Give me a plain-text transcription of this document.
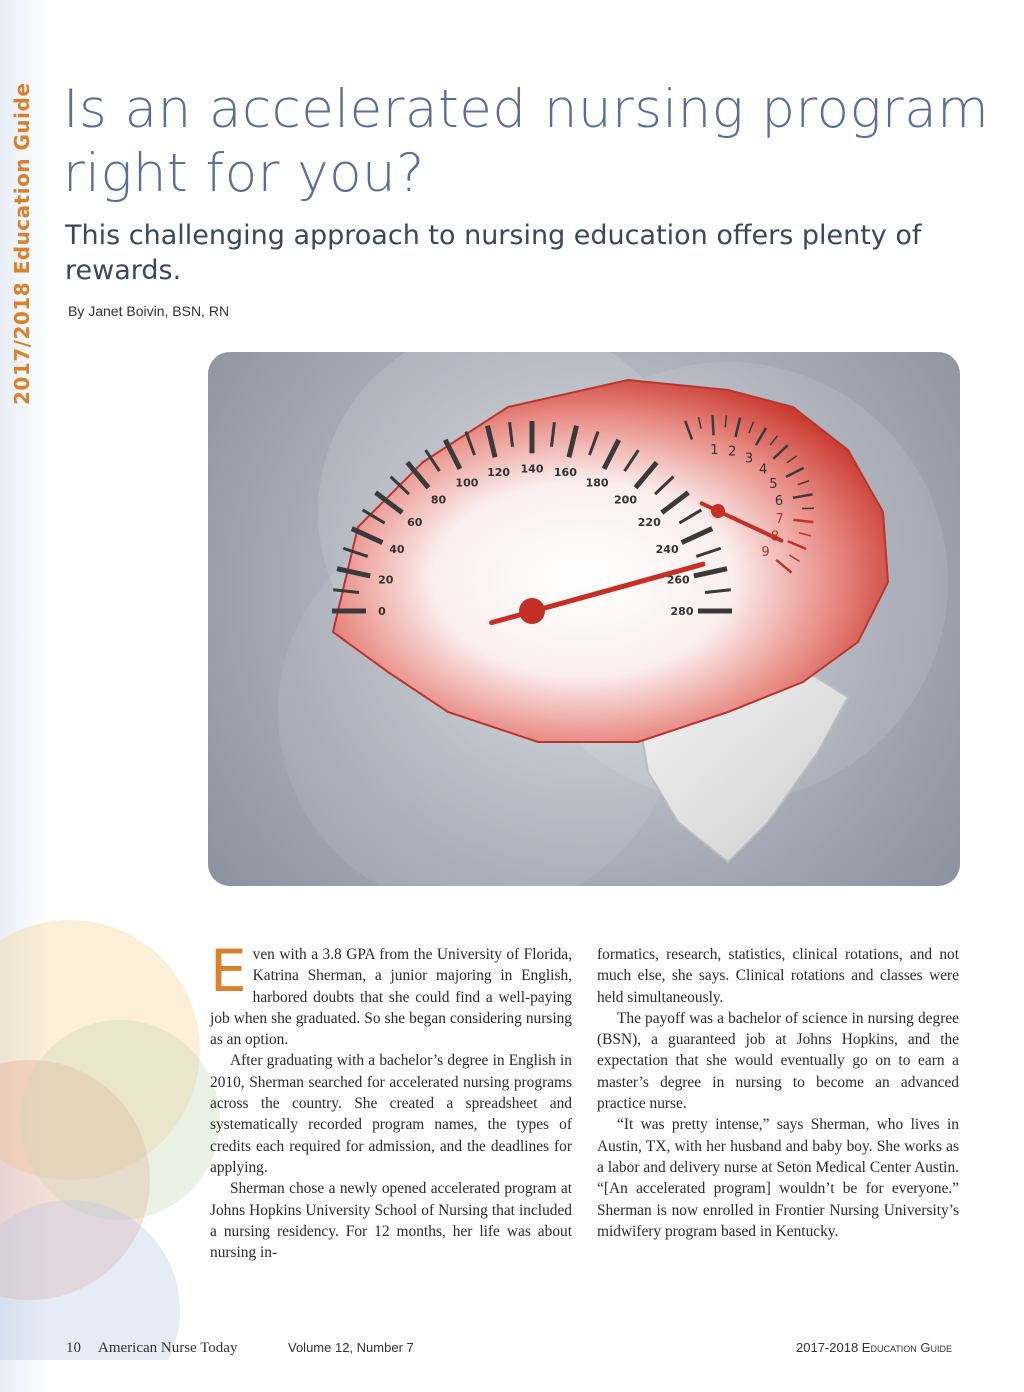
2017/2018 Education Guide Is an accelerated nursing program right for you?

This challenging approach to nursing education offers plenty of rewards.

By Janet Boivin, BSN, RN
0
20
40
60
80
100
120 140 160
180
200
220
240
260
280
1 2 3
4
5
6
7
9

Even with a 3.8 GPA from the University of Florida, Katrina Sherman, a junior majoring in English, harbored doubts that she could find a well-paying job when she graduated. So she began considering nursing as an option.

After graduating with a bachelor’s degree in English in 2010, Sherman searched for accelerated nursing programs across the country. She created a spreadsheet and systematically recorded program names, the types of credits each required for admission, and the deadlines for applying.

Sherman chose a newly opened accelerated program at Johns Hopkins University School of Nursing that included a nursing residency. For 12 months, her life was about nursing in-

formatics, research, statistics, clinical rotations, and not much else, she says. Clinical rotations and classes were held simultaneously.

The payoff was a bachelor of science in nursing degree (BSN), a guaranteed job at Johns Hopkins, and the expectation that she would eventually go on to earn a master’s degree in nursing to become an advanced practice nurse.

“It was pretty intense,” says Sherman, who lives in Austin, TX, with her husband and baby boy. She works as a labor and delivery nurse at Seton Medical Center Austin. “[An accelerated program] wouldn’t be for everyone.” Sherman is now enrolled in Frontier Nursing University’s midwifery program based in Kentucky.

10 American Nurse Today	Volume 12, Number 7	2017-2018 Education Guide
